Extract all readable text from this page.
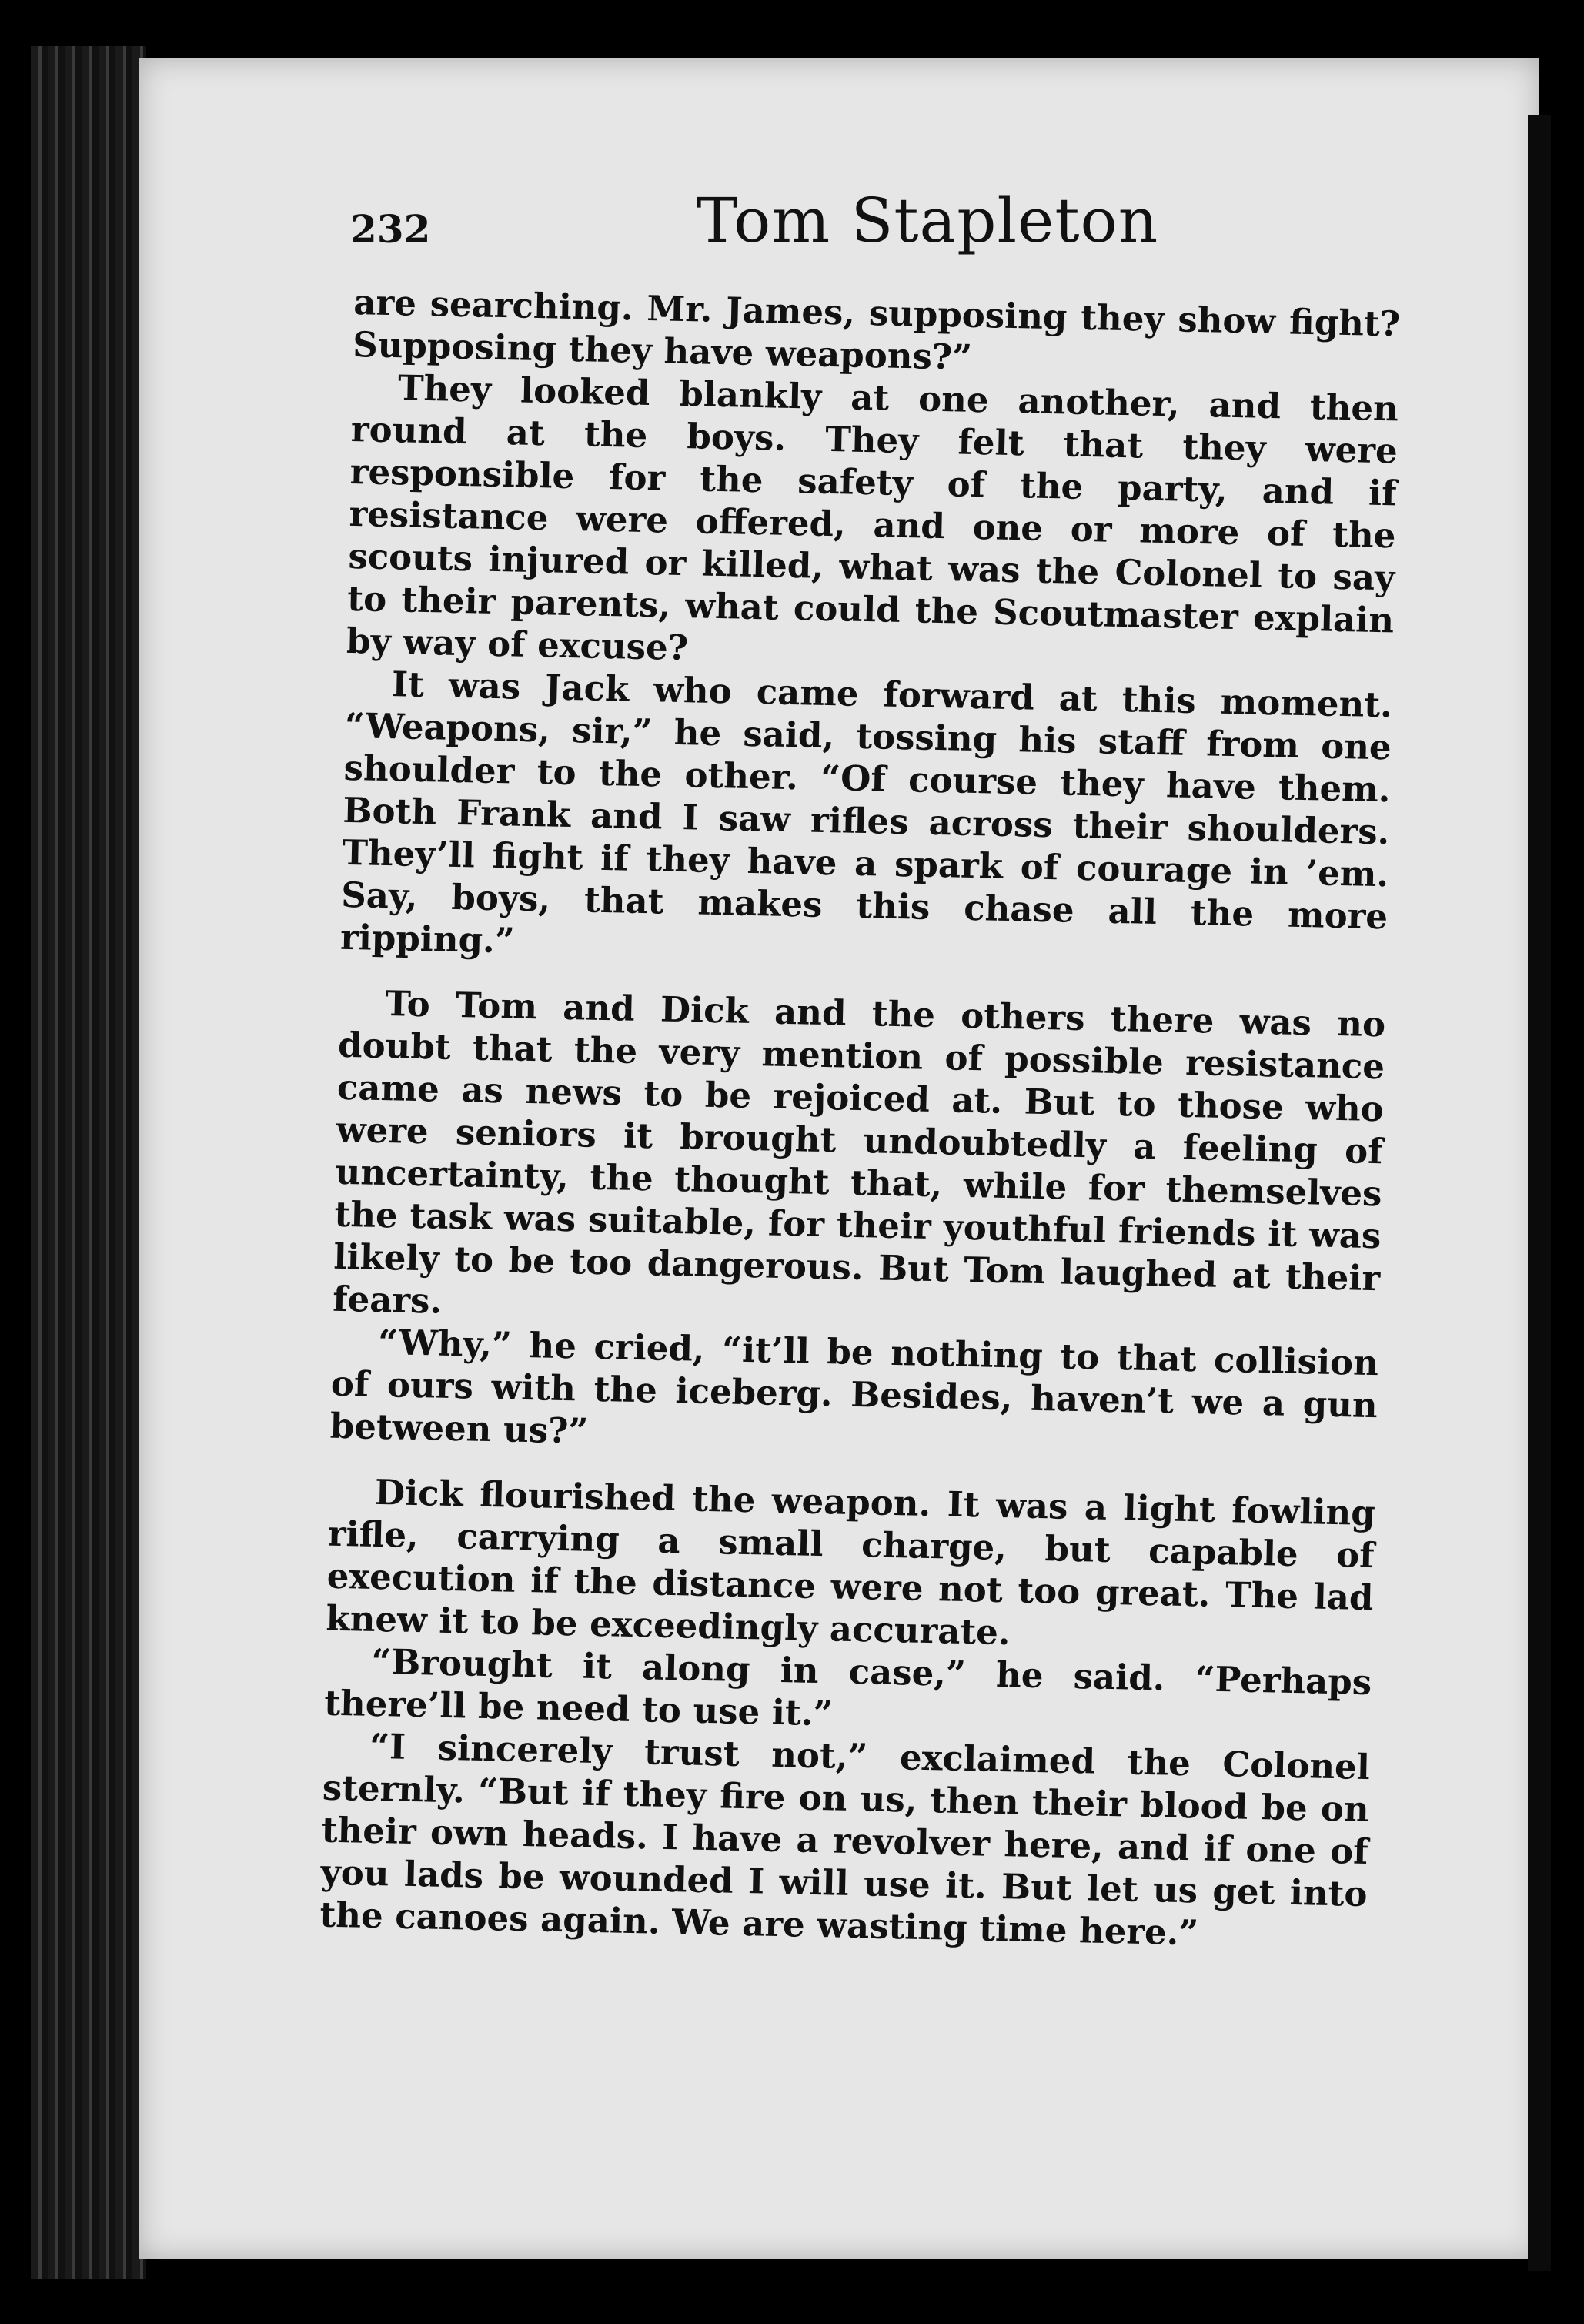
232	Tom Stapleton

are searching. Mr. James, supposing they show fight? Supposing they have weapons?”

They looked blankly at one another, and then round at the boys. They felt that they were responsible for the safety of the party, and if resistance were offered, and one or more of the scouts injured or killed, what was the Colonel to say to their parents, what could the Scoutmaster explain by way of excuse?

It was Jack who came forward at this moment. “Weapons, sir,” he said, tossing his staff from one shoulder to the other. “Of course they have them. Both Frank and I saw rifles across their shoulders. They’ll fight if they have a spark of courage in ’em. Say, boys, that makes this chase all the more ripping.”

To Tom and Dick and the others there was no doubt that the very mention of possible resistance came as news to be rejoiced at. But to those who were seniors it brought undoubtedly a feeling of uncertainty, the thought that, while for themselves the task was suitable, for their youthful friends it was likely to be too dangerous. But Tom laughed at their fears.

“Why,” he cried, “it’ll be nothing to that collision of ours with the iceberg. Besides, haven’t we a gun between us?”

Dick flourished the weapon. It was a light fowling rifle, carrying a small charge, but capable of execution if the distance were not too great. The lad knew it to be exceedingly accurate.

“Brought it along in case,” he said. “Perhaps there’ll be need to use it.”

“I sincerely trust not,” exclaimed the Colonel sternly. “But if they fire on us, then their blood be on their own heads. I have a revolver here, and if one of you lads be wounded I will use it. But let us get into the canoes again. We are wasting time here.”
